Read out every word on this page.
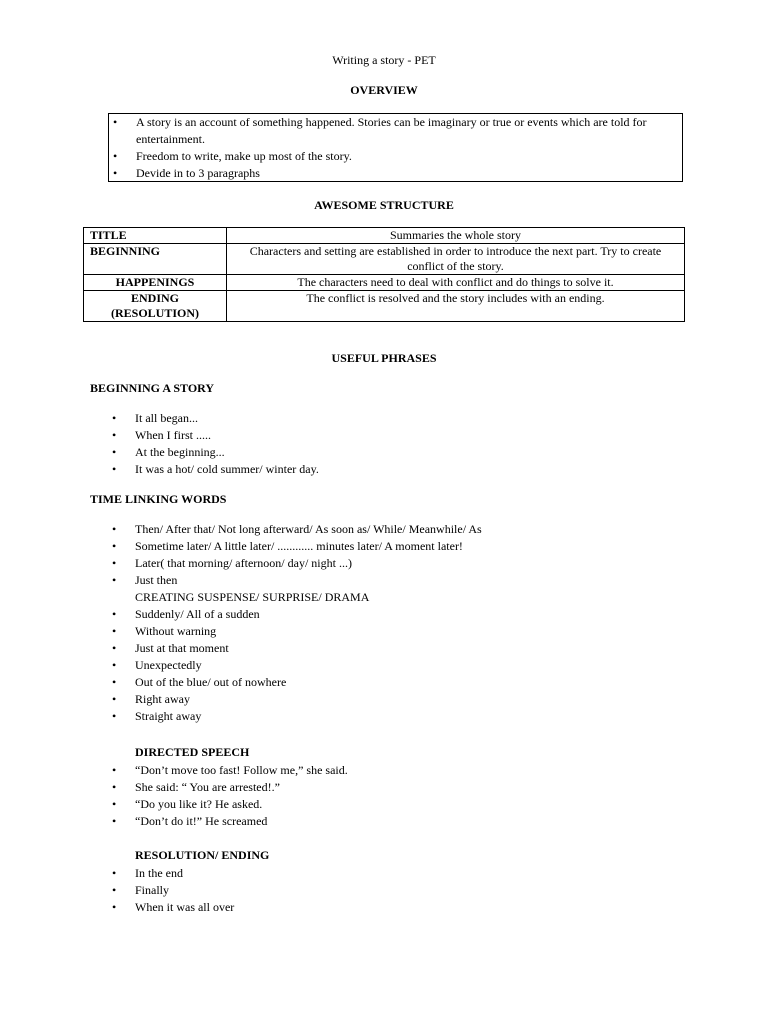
Writing a story - PET
OVERVIEW
• A story is an account of something happened. Stories can be imaginary or true or events which are told for entertainment.
• Freedom to write, make up most of the story.
• Devide in to 3 paragraphs
AWESOME STRUCTURE
TITLE	Summaries the whole story
BEGINNING	Characters and setting are established in order to introduce the next part. Try to create conflict of the story.
HAPPENINGS	The characters need to deal with conflict and do things to solve it.
ENDING (RESOLUTION)	The conflict is resolved and the story includes with an ending.
USEFUL PHRASES
BEGINNING A STORY
• It all began...
• When I first .....
• At the beginning...
• It was a hot/ cold summer/ winter day.
TIME LINKING WORDS
• Then/ After that/ Not long afterward/ As soon as/ While/ Meanwhile/ As
• Sometime later/ A little later/ ............ minutes later/ A moment later!
• Later( that morning/ afternoon/ day/ night ...)
• Just then
CREATING SUSPENSE/ SURPRISE/ DRAMA
• Suddenly/ All of a sudden
• Without warning
• Just at that moment
• Unexpectedly
• Out of the blue/ out of nowhere
• Right away
• Straight away
DIRECTED SPEECH
• “Don’t move too fast! Follow me,” she said.
• She said: “ You are arrested!.”
• “Do you like it? He asked.
• “Don’t do it!” He screamed
RESOLUTION/ ENDING
• In the end
• Finally
• When it was all over
